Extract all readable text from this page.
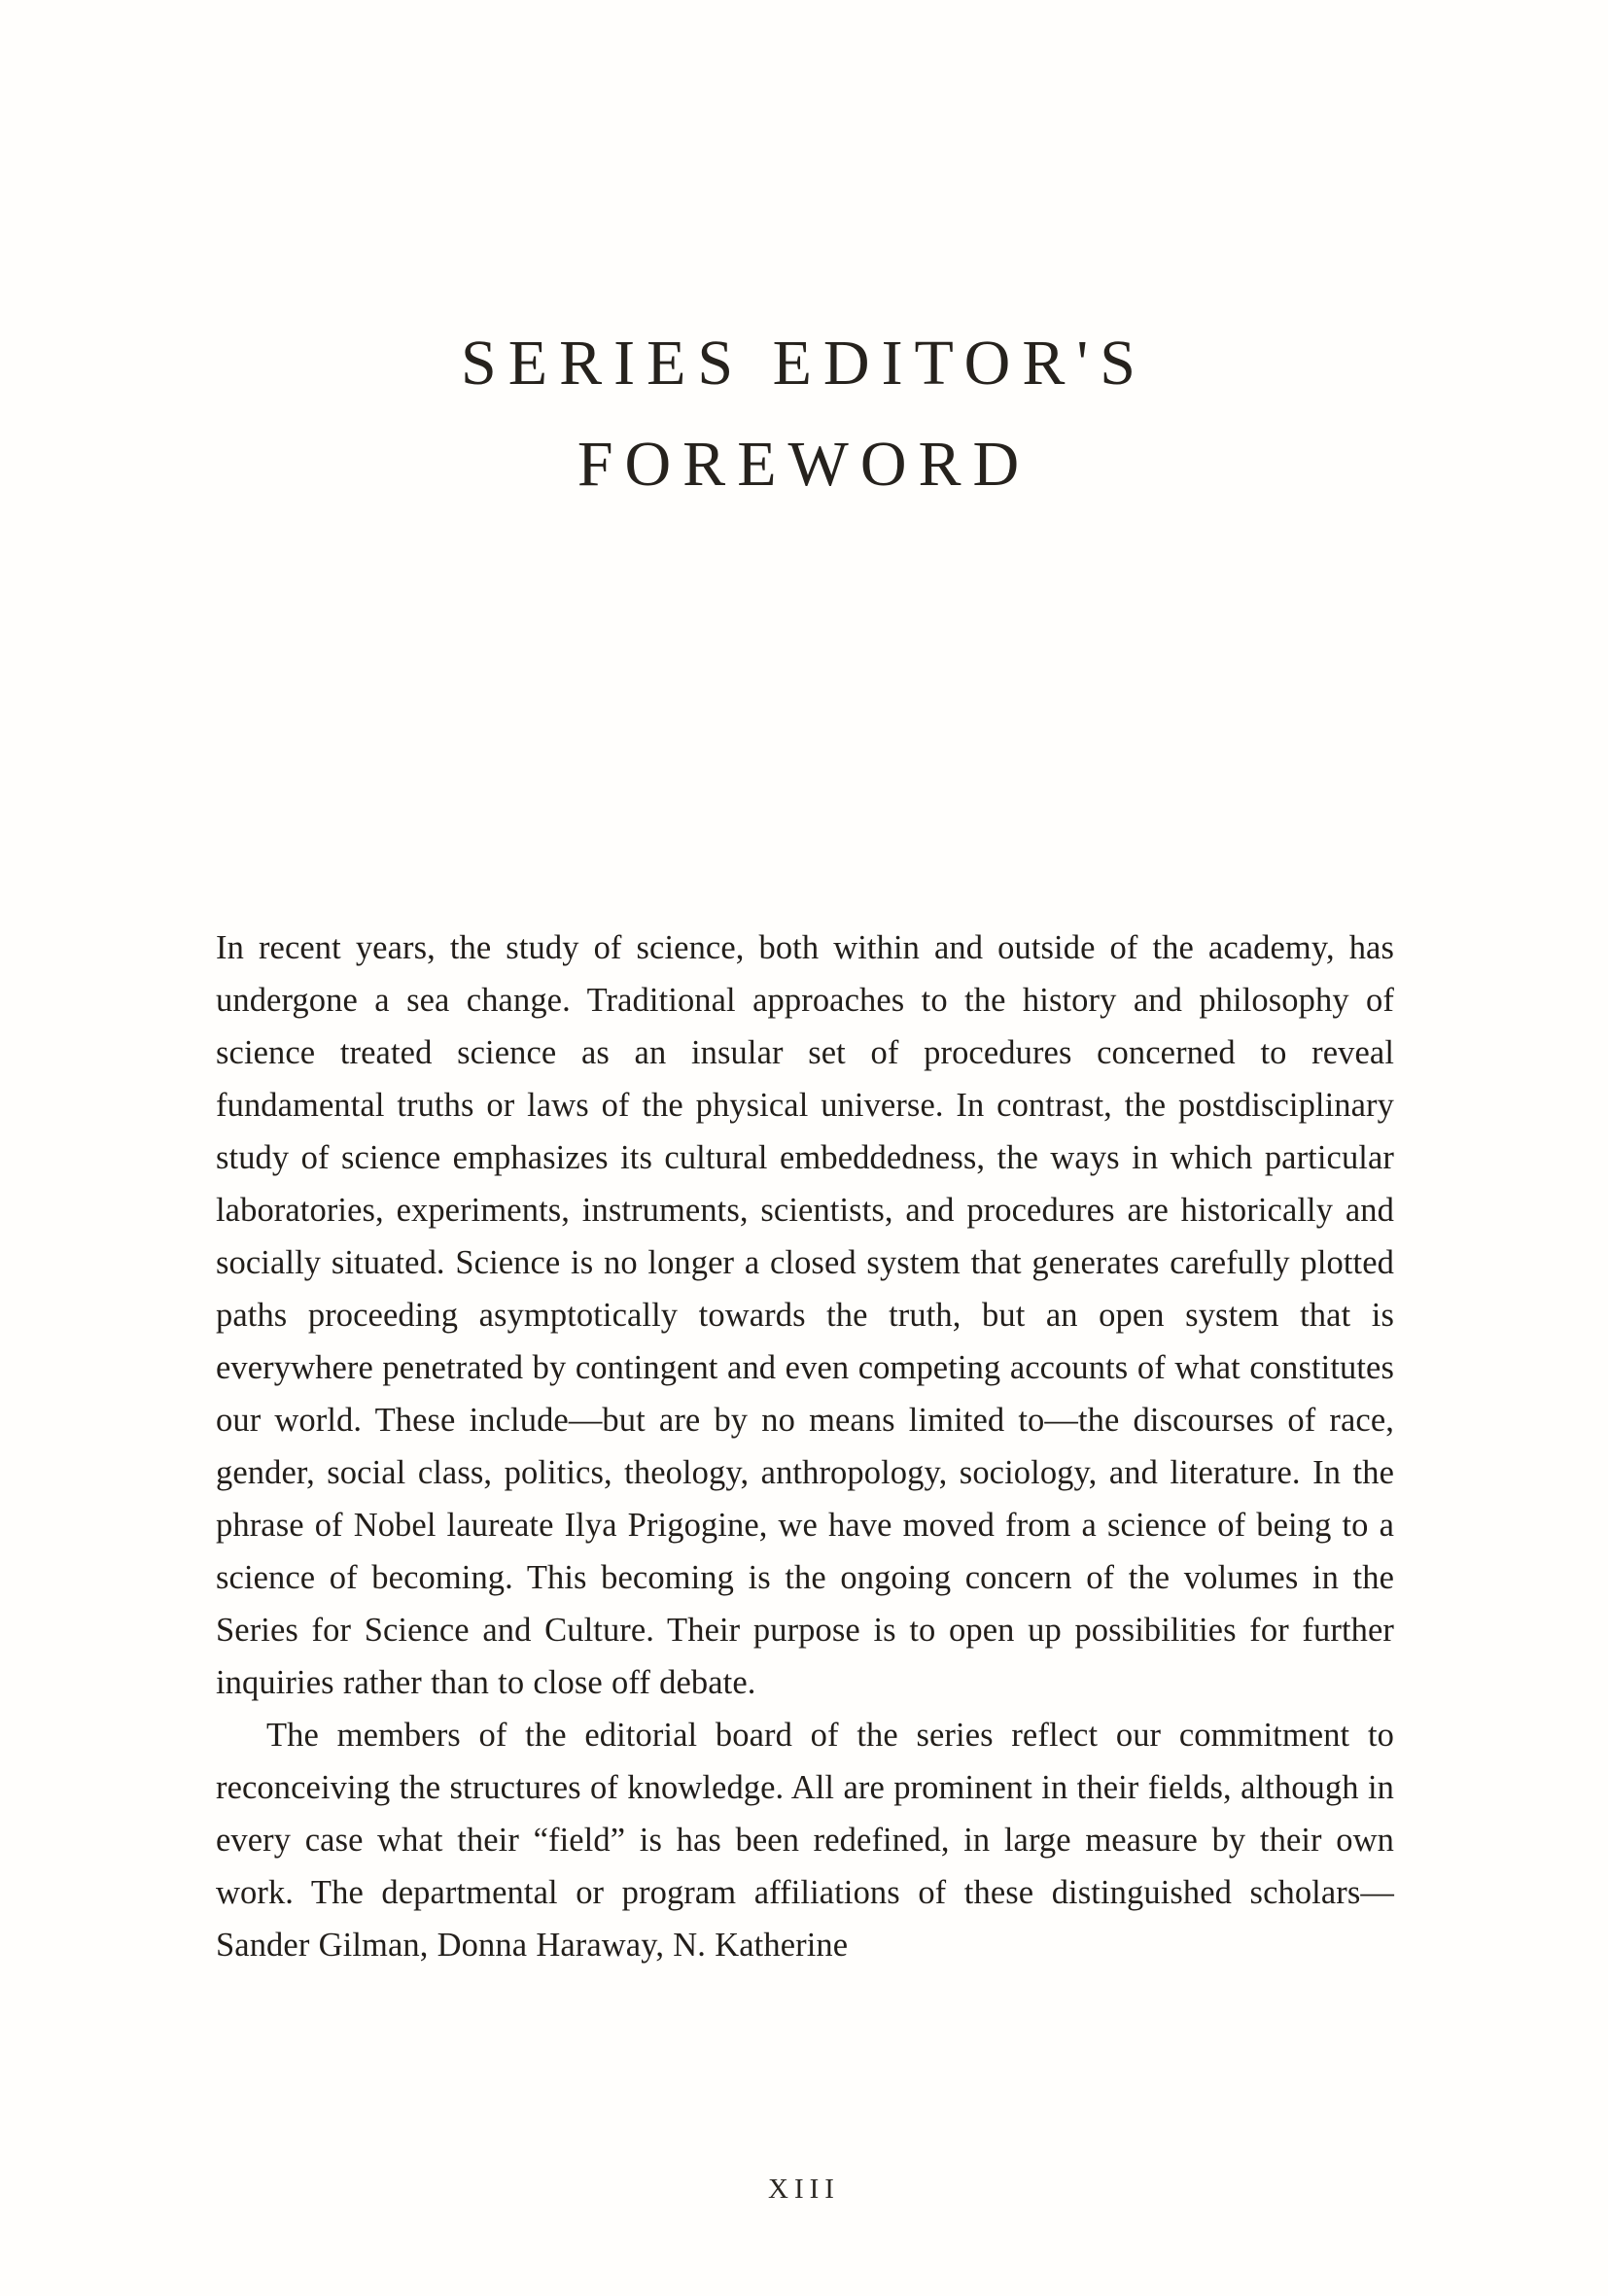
SERIES EDITOR'S
FOREWORD

In recent years, the study of science, both within and outside of the academy, has undergone a sea change. Traditional approaches to the history and philosophy of science treated science as an insular set of procedures concerned to reveal fundamental truths or laws of the physical universe. In contrast, the postdisciplinary study of science emphasizes its cultural embeddedness, the ways in which particular laboratories, experiments, instruments, scientists, and procedures are historically and socially situated. Science is no longer a closed system that generates carefully plotted paths proceeding asymptotically towards the truth, but an open system that is everywhere penetrated by contingent and even competing accounts of what constitutes our world. These include—but are by no means limited to—the discourses of race, gender, social class, politics, theology, anthropology, sociology, and literature. In the phrase of Nobel laureate Ilya Prigogine, we have moved from a science of being to a science of becoming. This becoming is the ongoing concern of the volumes in the Series for Science and Culture. Their purpose is to open up possibilities for further inquiries rather than to close off debate.

The members of the editorial board of the series reflect our commitment to reconceiving the structures of knowledge. All are prominent in their fields, although in every case what their “field” is has been redefined, in large measure by their own work. The departmental or program affiliations of these distinguished scholars—Sander Gilman, Donna Haraway, N. Katherine

XIII
